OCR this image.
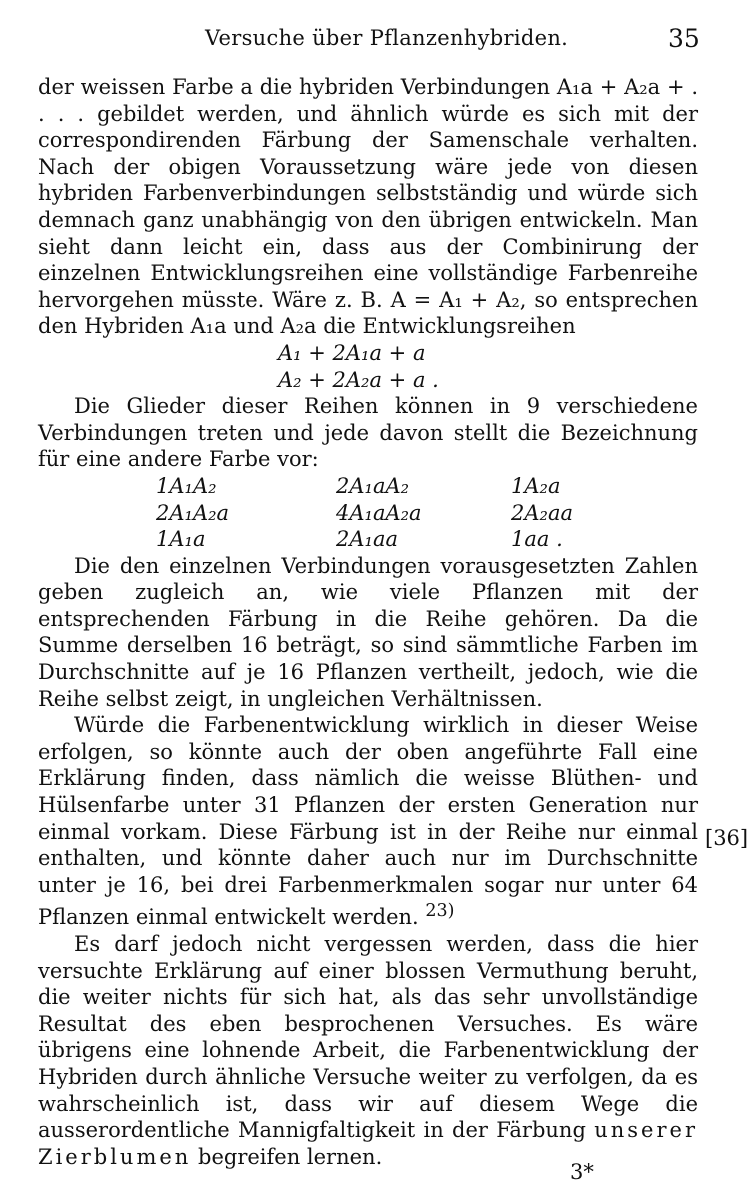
Versuche über Pflanzenhybriden.	35

der weissen Farbe a die hybriden Verbindungen A₁a + A₂a + . . . . gebildet werden, und ähnlich würde es sich mit der correspondirenden Färbung der Samenschale verhalten. Nach der obigen Voraussetzung wäre jede von diesen hybriden Farbenverbindungen selbstständig und würde sich demnach ganz unabhängig von den übrigen entwickeln. Man sieht dann leicht ein, dass aus der Combinirung der einzelnen Entwicklungsreihen eine vollständige Farbenreihe hervorgehen müsste. Wäre z. B. A = A₁ + A₂, so entsprechen den Hybriden A₁a und A₂a die Entwicklungsreihen

A₁ + 2A₁a + a
A₂ + 2A₂a + a .

Die Glieder dieser Reihen können in 9 verschiedene Verbindungen treten und jede davon stellt die Bezeichnung für eine andere Farbe vor:

1A₁A₂	2A₁aA₂	1A₂a
2A₁A₂a	4A₁aA₂a	2A₂aa
1A₁a	2A₁aa	1aa .

Die den einzelnen Verbindungen vorausgesetzten Zahlen geben zugleich an, wie viele Pflanzen mit der entsprechenden Färbung in die Reihe gehören. Da die Summe derselben 16 beträgt, so sind sämmtliche Farben im Durchschnitte auf je 16 Pflanzen vertheilt, jedoch, wie die Reihe selbst zeigt, in ungleichen Verhältnissen.

Würde die Farbenentwicklung wirklich in dieser Weise erfolgen, so könnte auch der oben angeführte Fall eine Erklärung finden, dass nämlich die weisse Blüthen- und Hülsenfarbe unter 31 Pflanzen der ersten Generation nur einmal vorkam. Diese Färbung ist in der Reihe nur einmal enthalten, und könnte daher auch nur im Durchschnitte unter je 16, bei drei Farbenmerkmalen sogar nur unter 64 Pflanzen einmal entwickelt werden. $^{23)}$

Es darf jedoch nicht vergessen werden, dass die hier versuchte Erklärung auf einer blossen Vermuthung beruht, die weiter nichts für sich hat, als das sehr unvollständige Resultat des eben besprochenen Versuches. Es wäre übrigens eine lohnende Arbeit, die Farbenentwicklung der Hybriden durch ähnliche Versuche weiter zu verfolgen, da es wahrscheinlich ist, dass wir auf diesem Wege die ausserordentliche Mannigfaltigkeit in der Färbung unserer Zierblumen begreifen lernen.

[36]
3*
